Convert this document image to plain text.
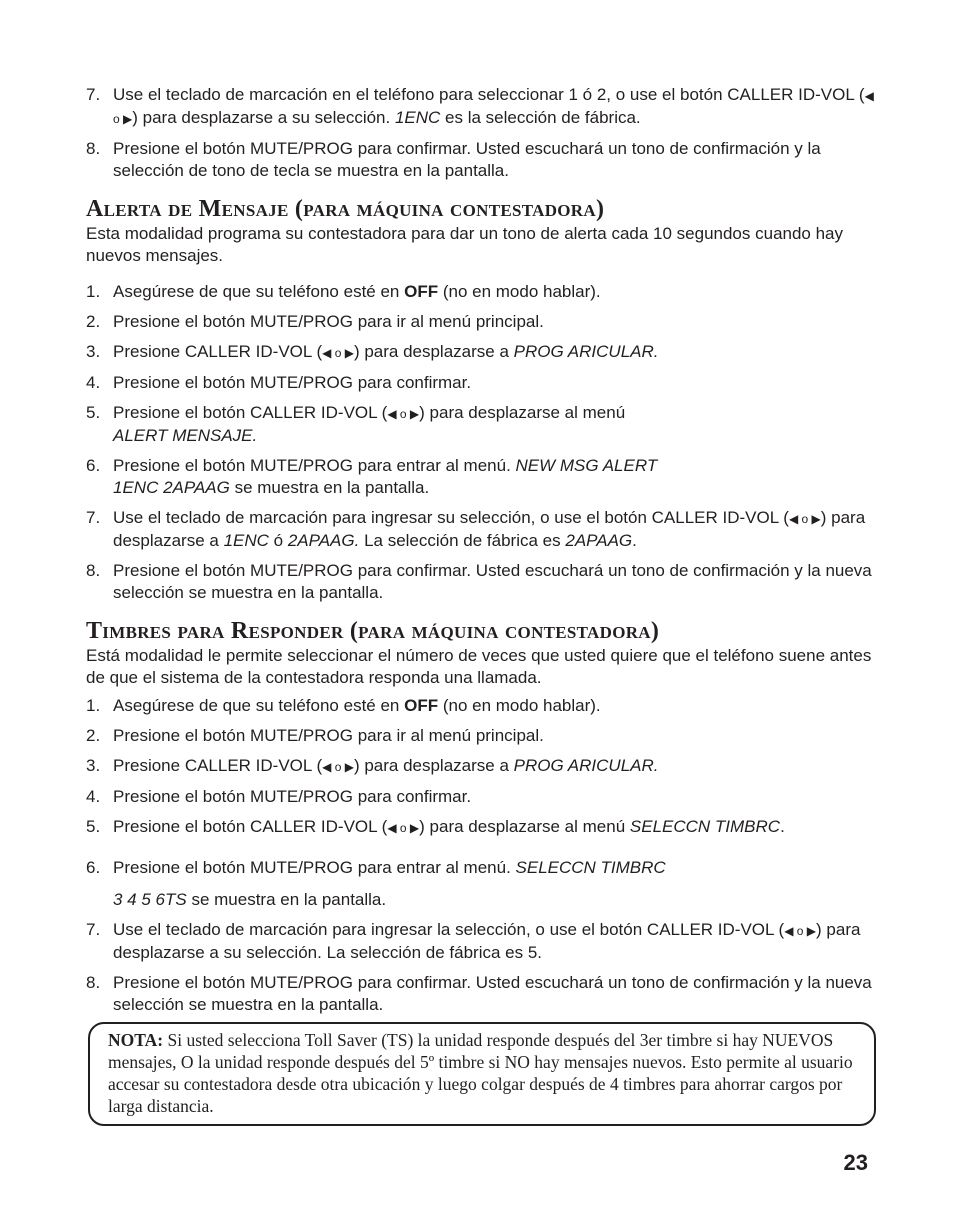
7. Use el teclado de marcación en el teléfono para seleccionar 1 ó 2, o use el botón CALLER ID-VOL (◀ o ▶) para desplazarse a su selección. 1ENC es la selección de fábrica.
8. Presione el botón MUTE/PROG para confirmar. Usted escuchará un tono de confirmación y la selección de tono de tecla se muestra en la pantalla.
Alerta de Mensaje (para máquina contestadora)

Esta modalidad programa su contestadora para dar un tono de alerta cada 10 segundos cuando hay nuevos mensajes.

1. Asegúrese de que su teléfono esté en OFF (no en modo hablar).
2. Presione el botón MUTE/PROG para ir al menú principal.
3. Presione CALLER ID-VOL (◀ o ▶) para desplazarse a PROG ARICULAR.
4. Presione el botón MUTE/PROG para confirmar.
5. Presione el botón CALLER ID-VOL (◀ o ▶) para desplazarse al menú
ALERT MENSAJE.
6. Presione el botón MUTE/PROG para entrar al menú. NEW MSG ALERT
1ENC 2APAAG se muestra en la pantalla.
7. Use el teclado de marcación para ingresar su selección, o use el botón CALLER ID-VOL (◀ o ▶) para desplazarse a 1ENC ó 2APAAG. La selección de fábrica es 2APAAG.
8. Presione el botón MUTE/PROG para confirmar. Usted escuchará un tono de confirmación y la nueva selección se muestra en la pantalla.
Timbres para Responder (para máquina contestadora)

Está modalidad le permite seleccionar el número de veces que usted quiere que el teléfono suene antes de que el sistema de la contestadora responda una llamada.

1. Asegúrese de que su teléfono esté en OFF (no en modo hablar).
2. Presione el botón MUTE/PROG para ir al menú principal.
3. Presione CALLER ID-VOL (◀ o ▶) para desplazarse a PROG ARICULAR.
4. Presione el botón MUTE/PROG para confirmar.
5. Presione el botón CALLER ID-VOL (◀ o ▶) para desplazarse al menú SELECCN TIMBRC.
6. Presione el botón MUTE/PROG para entrar al menú. SELECCN TIMBRC
3 4 5 6TS se muestra en la pantalla.
7. Use el teclado de marcación para ingresar la selección, o use el botón CALLER ID-VOL (◀ o ▶) para desplazarse a su selección. La selección de fábrica es 5.
8. Presione el botón MUTE/PROG para confirmar. Usted escuchará un tono de confirmación y la nueva selección se muestra en la pantalla.
NOTA: Si usted selecciona Toll Saver (TS) la unidad responde después del 3er timbre si hay NUEVOS mensajes, O la unidad responde después del 5º timbre si NO hay mensajes nuevos. Esto permite al usuario accesar su contestadora desde otra ubicación y luego colgar después de 4 timbres para ahorrar cargos por larga distancia.
23
